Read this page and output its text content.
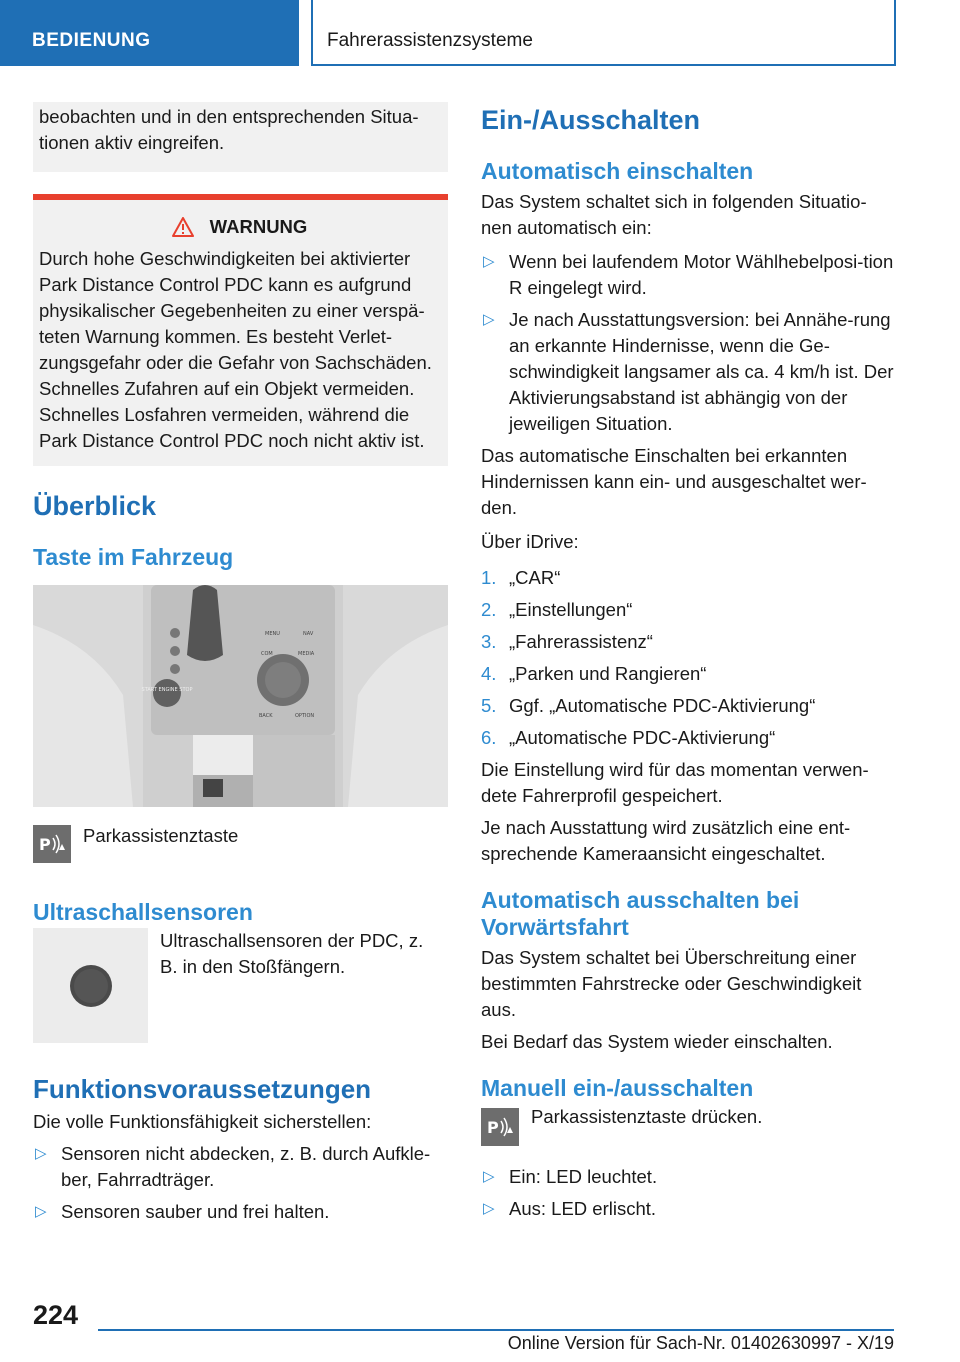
BEDIENUNG	Fahrerassistenzsysteme

beobachten und in den entsprechenden Situa-tionen aktiv eingreifen.

WARNUNG

Durch hohe Geschwindigkeiten bei aktivierter Park Distance Control PDC kann es aufgrund physikalischer Gegebenheiten zu einer verspä-teten Warnung kommen. Es besteht Verlet-zungsgefahr oder die Gefahr von Sachschäden. Schnelles Zufahren auf ein Objekt vermeiden. Schnelles Losfahren vermeiden, während die Park Distance Control PDC noch nicht aktiv ist.

Überblick
Taste im Fahrzeug
START ENGINE STOP
MENU	NAV
COM	MEDIA
BACK	OPTION
P Parkassistenztaste
Ultraschallsensoren

Ultraschallsensoren der PDC, z. B. in den Stoßfängern.

Funktionsvoraussetzungen

Die volle Funktionsfähigkeit sicherstellen:

▷ Sensoren nicht abdecken, z. B. durch Aufkle-ber, Fahrradträger.
▷ Sensoren sauber und frei halten.
Ein-/Ausschalten
Automatisch einschalten

Das System schaltet sich in folgenden Situatio-nen automatisch ein:

▷ Wenn bei laufendem Motor Wählhebelposi-tion R eingelegt wird.
▷ Je nach Ausstattungsversion: bei Annähe-rung an erkannte Hindernisse, wenn die Ge-schwindigkeit langsamer als ca. 4 km/h ist. Der Aktivierungsabstand ist abhängig von der jeweiligen Situation.

Das automatische Einschalten bei erkannten Hindernissen kann ein- und ausgeschaltet wer-den.

Über iDrive:

1. „CAR“
2. „Einstellungen“
3. „Fahrerassistenz“
4. „Parken und Rangieren“
5. Ggf. „Automatische PDC-Aktivierung“
6. „Automatische PDC-Aktivierung“

Die Einstellung wird für das momentan verwen-dete Fahrerprofil gespeichert.

Je nach Ausstattung wird zusätzlich eine ent-sprechende Kameraansicht eingeschaltet.

Automatisch ausschalten bei Vorwärtsfahrt

Das System schaltet bei Überschreitung einer bestimmten Fahrstrecke oder Geschwindigkeit aus.

Bei Bedarf das System wieder einschalten.

Manuell ein-/ausschalten
P
Parkassistenztaste drücken.
▷ Ein: LED leuchtet.
▷ Aus: LED erlischt.
224
Online Version für Sach-Nr. 01402630997 - X/19
